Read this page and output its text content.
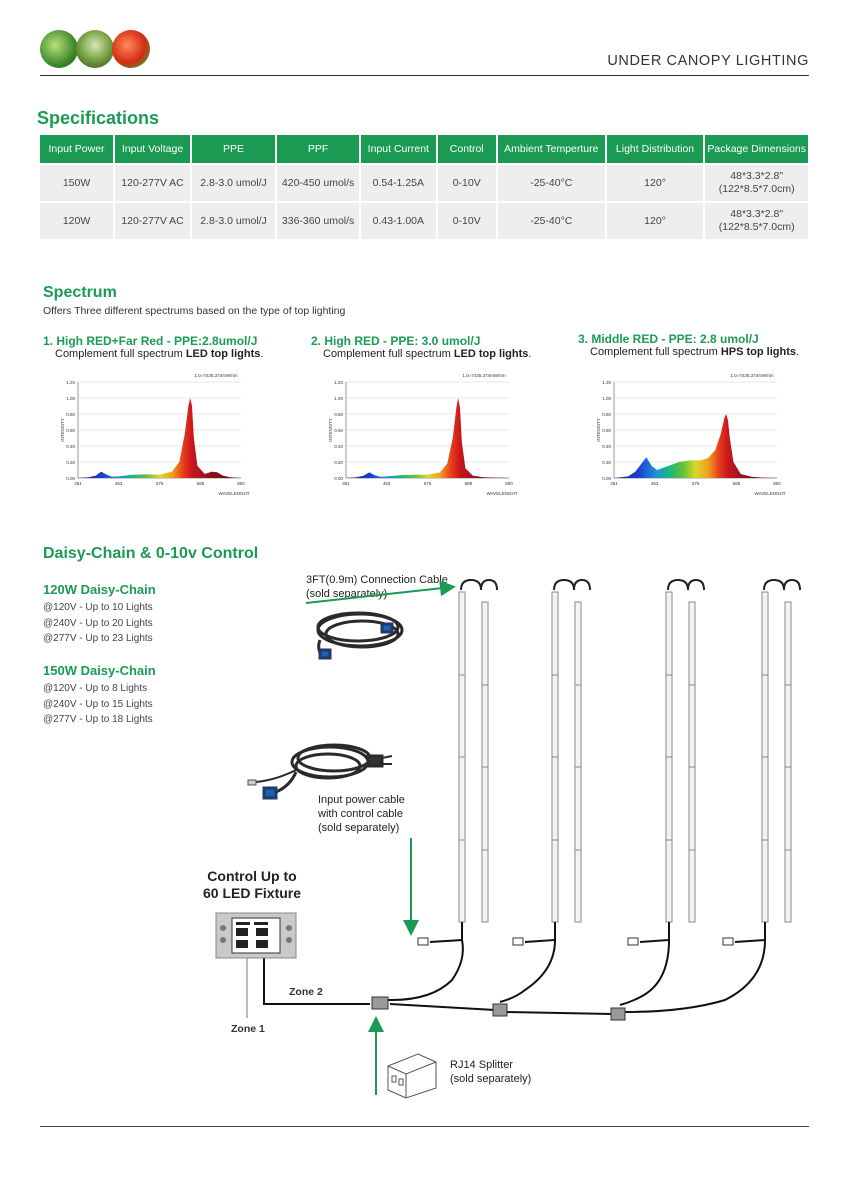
UNDER CANOPY LIGHTING
Specifications
Input Power	Input Voltage	PPE	PPF	Input Current	Control	Ambient Temperture	Light Distribution	Package Dimensions
150W	120-277V AC	2.8-3.0 umol/J	420-450 umol/s	0.54-1.25A	0-10V	-25-40°C	120°	48*3.3*2.8"
(122*8.5*7.0cm)
120W	120-277V AC	2.8-3.0 umol/J	336-360 umol/s	0.43-1.00A	0-10V	-25-40°C	120°	48*3.3*2.8"
(122*8.5*7.0cm)
Spectrum
Offers Three different spectrums based on the type of top lighting
1. High RED+Far Red - PPE:2.8umol/J
Complement full spectrum LED top lights.
2. High RED - PPE: 3.0 umol/J
Complement full spectrum LED top lights.
3. Middle RED - PPE: 2.8 umol/J
Complement full spectrum HPS top lights.
0.00
0.20
0.40
0.60
0.80
1.00
1.20
351	463	576	688	800
1.0=7435.374mW/nm
WAVELENGHT
INTENSITY
0.00
0.20
0.40
0.60
0.80
1.00
1.20
351	463	576	688	800
1.0=7435.374mW/nm
WAVELENGHT
INTENSITY
0.00
0.30
0.40
0.60
0.80
1.00
1.30
351	463	576	688	800
1.0=7435.374mW/nm
WAVELENGHT
INTENSITY
Daisy-Chain & 0-10v Control
120W Daisy-Chain
@120V - Up to 10 Lights
@240V - Up to 20 Lights
@277V - Up to 23 Lights
150W Daisy-Chain
@120V - Up to 8 Lights
@240V - Up to 15 Lights
@277V - Up to 18 Lights
3FT(0.9m) Connection Cable
(sold separately)
Input power cable
with control cable
(sold separately)
Control Up to
60 LED Fixture
Zone 2
Zone 1
RJ14 Splitter
(sold separately)
